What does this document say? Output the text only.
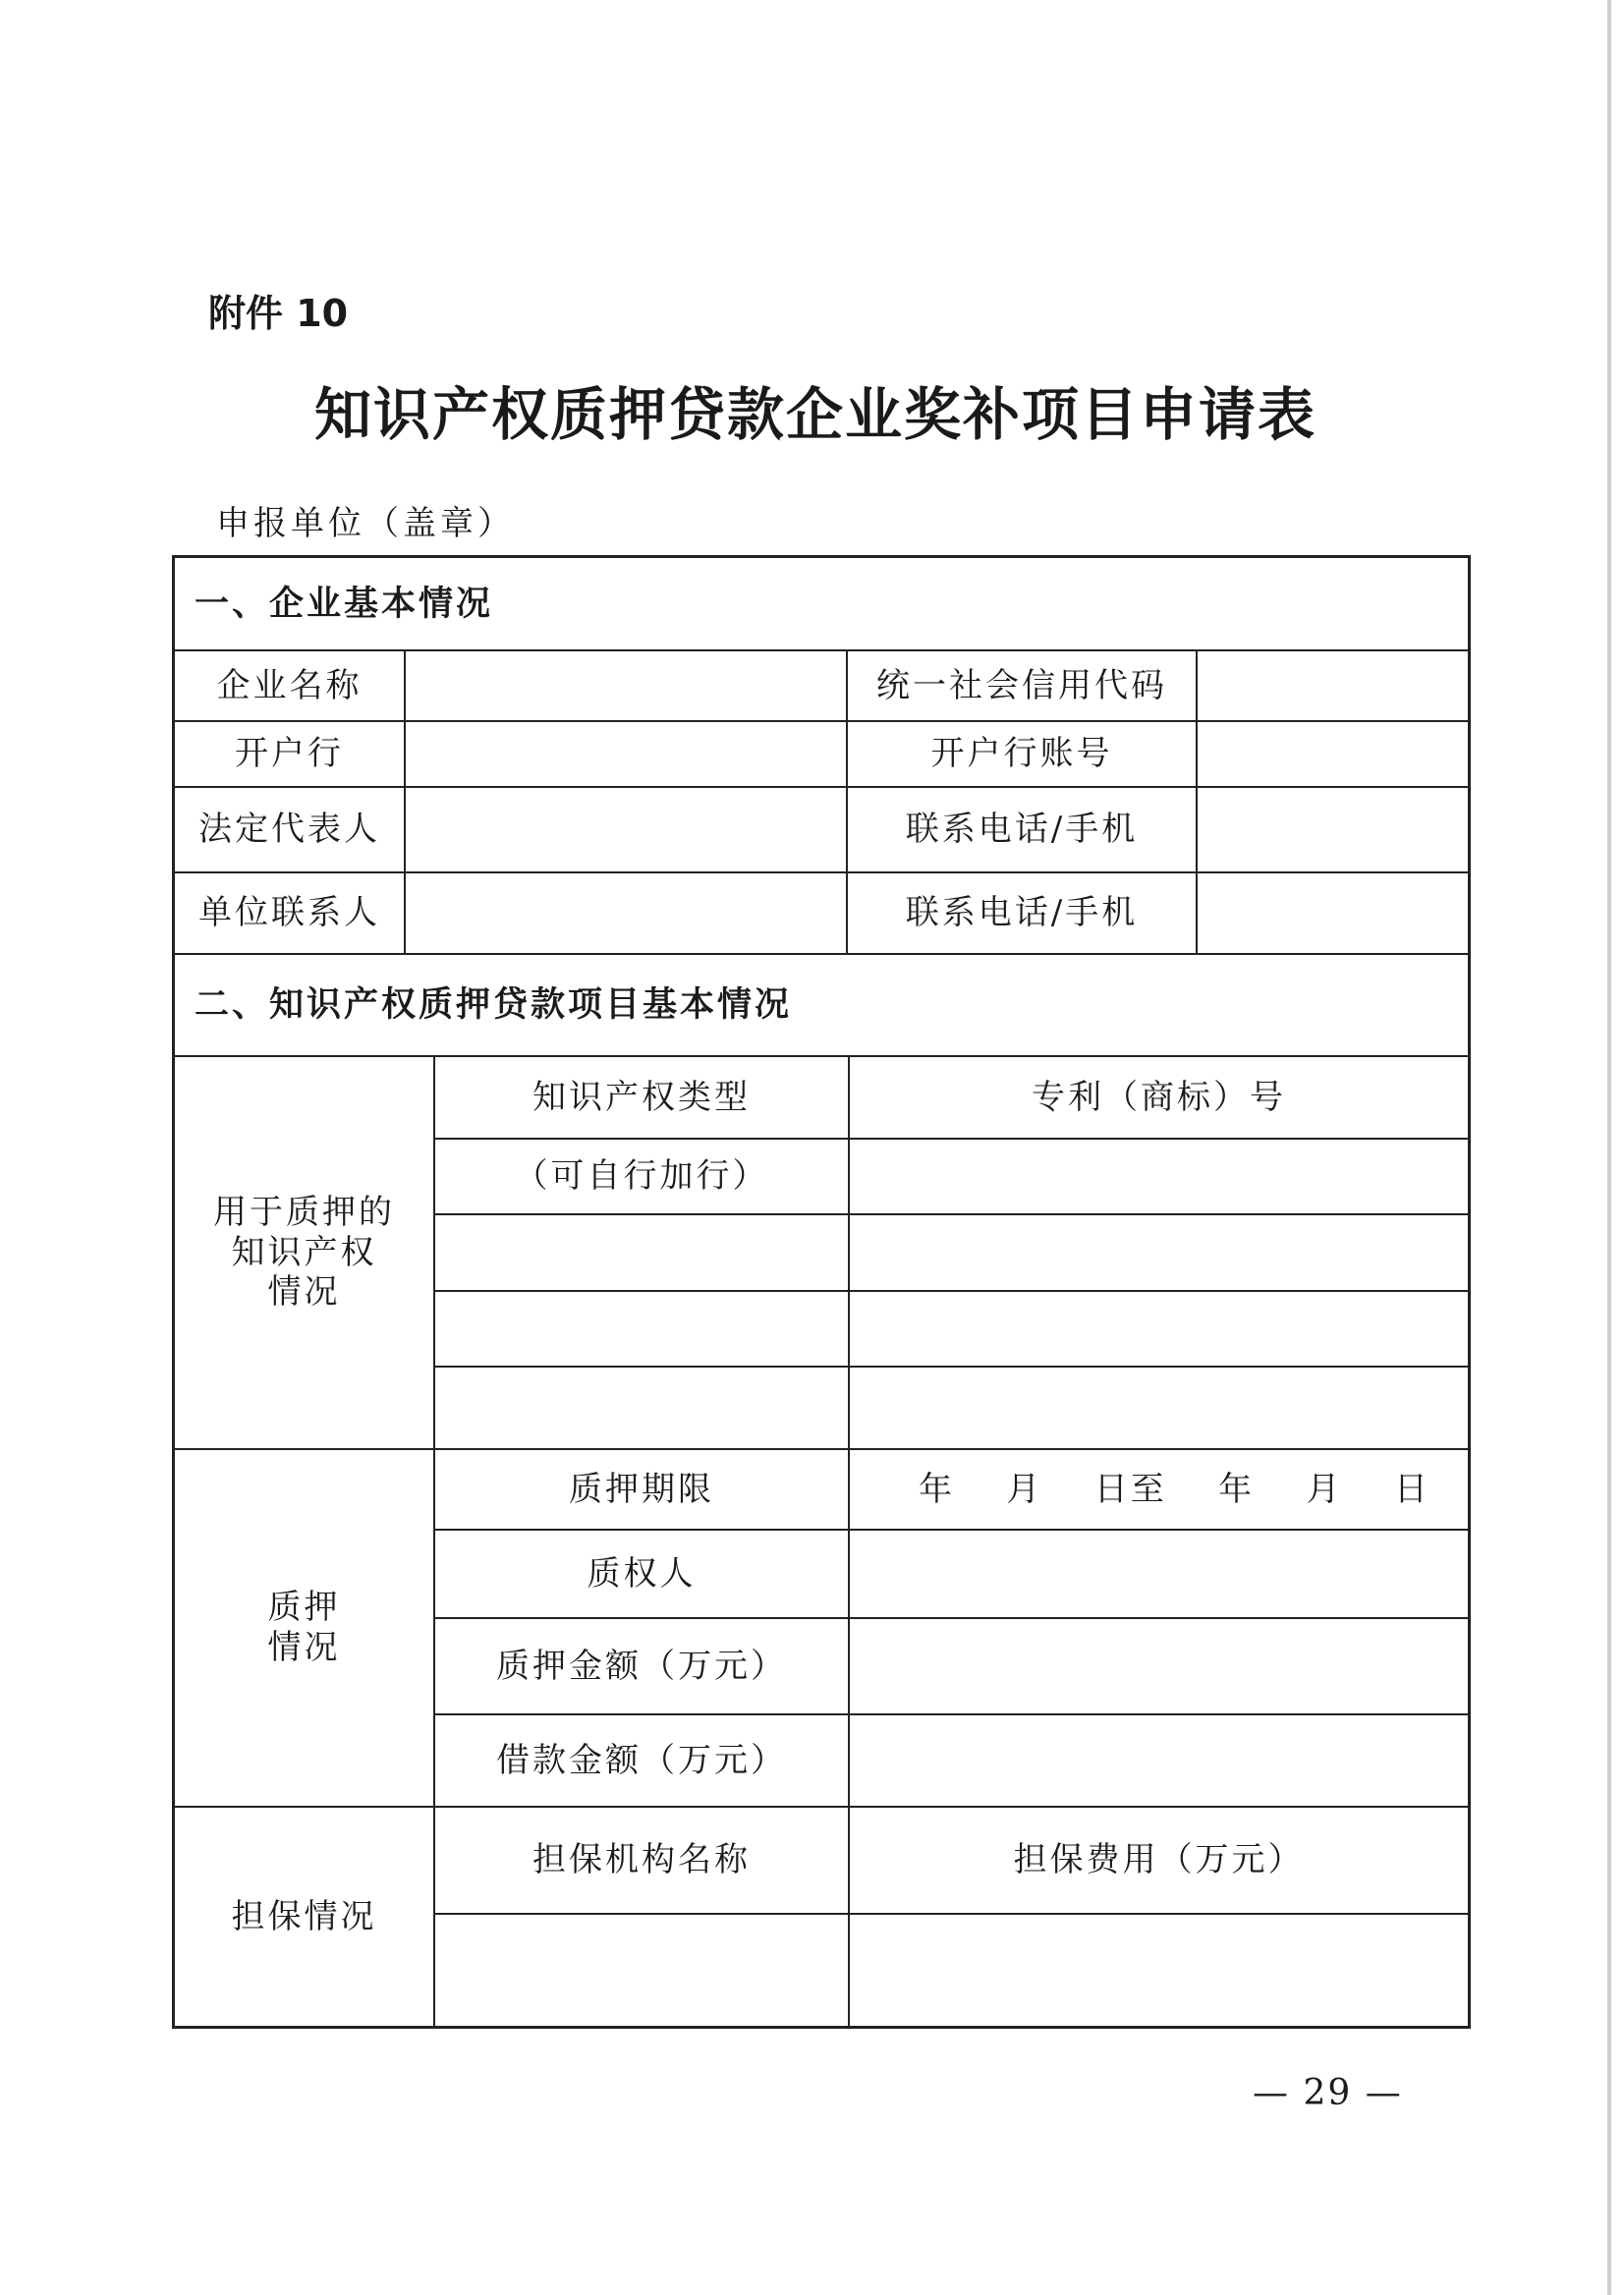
附件 10
知识产权质押贷款企业奖补项目申请表
申报单位（盖章）
一、企业基本情况
企业名称	统一社会信用代码
开户行	开户行账号
法定代表人	联系电话/手机
单位联系人	联系电话/手机
二、知识产权质押贷款项目基本情况
用于质押的
知识产权
情况
知识产权类型	专利（商标）号
（可自行加行）
质押
情况
质押期限	年 月 日至 年 月 日
质权人
质押金额（万元）
借款金额（万元）
担保情况
担保机构名称	担保费用（万元）
— 29 —
